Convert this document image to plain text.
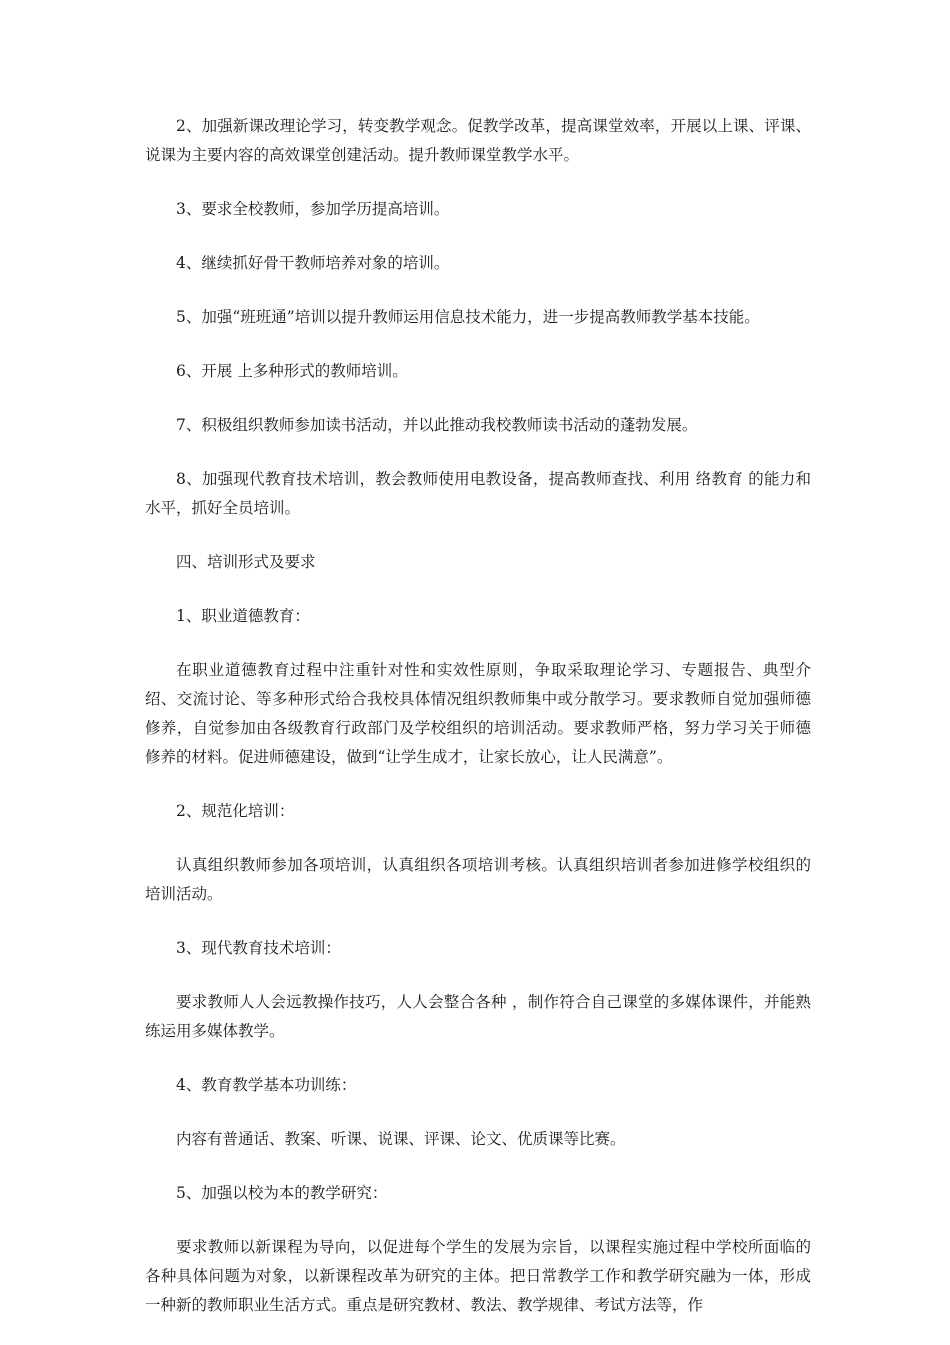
2、加强新课改理论学习，转变教学观念。促教学改革，提高课堂效率，开展以上课、评课、说课为主要内容的高效课堂创建活动。提升教师课堂教学水平。

3、要求全校教师，参加学历提高培训。

4、继续抓好骨干教师培养对象的培训。

5、加强“班班通”培训以提升教师运用信息技术能力，进一步提高教师教学基本技能。

6、开展 上多种形式的教师培训。

7、积极组织教师参加读书活动，并以此推动我校教师读书活动的蓬勃发展。

8、加强现代教育技术培训，教会教师使用电教设备，提高教师查找、利用 络教育 的能力和水平，抓好全员培训。

四、培训形式及要求

1、职业道德教育：

在职业道德教育过程中注重针对性和实效性原则，争取采取理论学习、专题报告、典型介绍、交流讨论、等多种形式给合我校具体情况组织教师集中或分散学习。要求教师自觉加强师德修养，自觉参加由各级教育行政部门及学校组织的培训活动。要求教师严格，努力学习关于师德修养的材料。促进师德建设，做到“让学生成才，让家长放心，让人民满意”。

2、规范化培训：

认真组织教师参加各项培训，认真组织各项培训考核。认真组织培训者参加进修学校组织的培训活动。

3、现代教育技术培训：

要求教师人人会远教操作技巧，人人会整合各种 ，制作符合自己课堂的多媒体课件，并能熟练运用多媒体教学。

4、教育教学基本功训练：

内容有普通话、教案、听课、说课、评课、论文、优质课等比赛。

5、加强以校为本的教学研究：

要求教师以新课程为导向，以促进每个学生的发展为宗旨，以课程实施过程中学校所面临的各种具体问题为对象，以新课程改革为研究的主体。把日常教学工作和教学研究融为一体，形成一种新的教师职业生活方式。重点是研究教材、教法、教学规律、考试方法等，作
